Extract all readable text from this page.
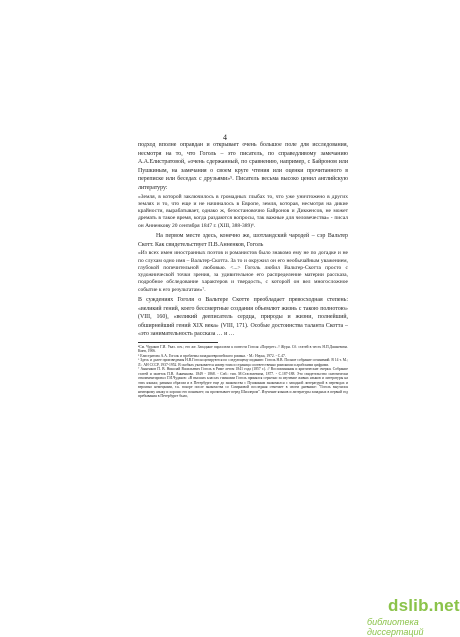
4

подход вполне оправдан и открывает очень большое поле для исследования, несмотря на то, что Гоголь – это писатель, по справедливому замечанию А.А.Елистратовой, «очень сдержанный, по сравнению, например, с Байроном или Пушкиным, на замечания о своем круге чтения или оценки прочитанного в переписке или беседах с друзьями»⁵. Писатель весьма высоко ценил английскую литературу:

«Земля, в которой заключилось в громадных глыбах то, что уже уничтожено в других землях и то, что еще и не начиналось в Европе, земля, которая, несмотря на дикие крайности, вырабатывает, однако ж, безостановочно Байронов и Диккенсов, не может дремать в такое время, когда раздаются вопросы, так важные для человечества» - писал он Анненкову 20 сентября 1847 г. (XIII, 388-389)⁶.

На первом месте здесь, конечно же, шотландский чародей – сэр Вальтер Скотт. Как свидетельствует П.В.Анненков, Гоголь

«Из всех имен иностранных поэтов и романистов было знакомо ему не по догадке и не по слухам одно имя – Вальтер-Скотта. За то и окружил он его необычайным уважением, глубокой попечительной любовью. <...> Гоголь любил Вальтер-Скотта просто с художнической точки зрения, за удивительное его распределение материи рассказа, подробное обследование характеров и твердость, с которой он вел многосложное событие к его результатам»⁷.

В суждениях Гоголя о Вальтере Скотте преобладает превосходная степень: «великий гений, коего бессмертные создания объемлют жизнь с такою полнотою» (VIII, 160), «великий дееписатель сердца, природы и жизни, полнейший, обширнейший гений XIX века» (VIII, 171). Особые достоинства таланта Скотта – «это занимательность рассказа … и …

⁴См. Чудаков Г.И. Указ. соч.; его же. Западные параллели к повести Гоголя «Портрет» // Журн. Сб. статей в честь Н.П.Дашкевича. Киев, 1906.

⁵ Елистратова А.А. Гоголь и проблемы западноевропейского романа. - М.: Наука, 1972. - С.47.

⁶ Здесь и далее произведения Н.В.Гоголя цитируются по следующему изданию: Гоголь Н.В. Полное собрание сочинений. В 14 т. М.; Л.: АН СССР, 1937-1952. В скобках указывается номер тома и страница соответственно римскими и арабскими цифрами.

⁷ Анненков П. В. Николай Васильевич Гоголь в Риме летом 1841 года (1857 г.). // Воспоминания и критические очерки. Собрание статей и заметок П.В. Анненкова. 1849 - 1868. - Спб.: тип. М.Стасюлевича, 1877. - С.187-188. Это свидетельство скептически откомментировал Г.И.Чудаков: «В высших классах гимназии Гоголь принялся серьезно за изучение живых языков и литературы на этих языках; равным образом и в Петербурге еще до знакомства с Пушкиным знакомился с западной литературой в переводах и вероятно немецкими, т.к. вскоре после знакомства со Смирновой последняя отмечает в своем дневнике: "Гоголь выучился немецкому языку и хорошо его понимает; он прочитывает перед Шиллером". Изучение языков и литературы западных в первый год пребывания в Петербурге было,

dslib.net
библиотека диссертаций
